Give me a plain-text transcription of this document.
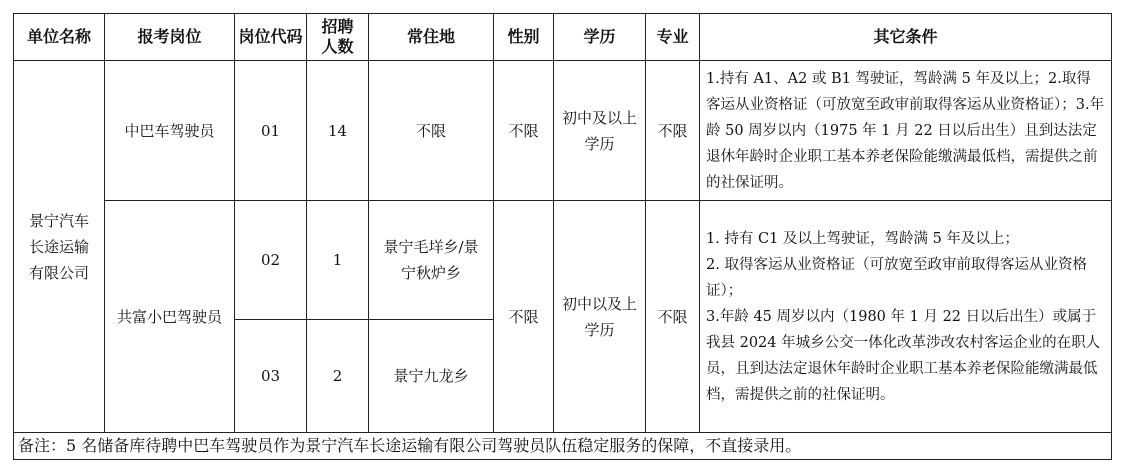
单位名称	报考岗位	岗位代码	招聘人数	常住地	性别	学历	专业	其它条件

景宁汽车长途运输有限公司	中巴车驾驶员	01	14	不限	不限	初中及以上学历	不限	1.持有 A1、A2 或 B1 驾驶证，驾龄满 5 年及以上；2.取得客运从业资格证（可放宽至政审前取得客运从业资格证）；3.年龄 50 周岁以内（1975 年 1 月 22 日以后出生）且到达法定退休年龄时企业职工基本养老保险能缴满最低档，需提供之前的社保证明。
	共富小巴驾驶员	02	1	景宁毛垟乡/景宁秋炉乡	不限	初中以及上学历	不限	1. 持有 C1 及以上驾驶证，驾龄满 5 年及以上；

2. 取得客运从业资格证（可放宽至政审前取得客运从业资格证）；

3.年龄 45 周岁以内（1980 年 1 月 22 日以后出生）或属于我县 2024 年城乡公交一体化改革涉改农村客运企业的在职人员，且到达法定退休年龄时企业职工基本养老保险能缴满最低档，需提供之前的社保证明。

		03	2	景宁九龙乡				
备注：5 名储备库待聘中巴车驾驶员作为景宁汽车长途运输有限公司驾驶员队伍稳定服务的保障，不直接录用。								
